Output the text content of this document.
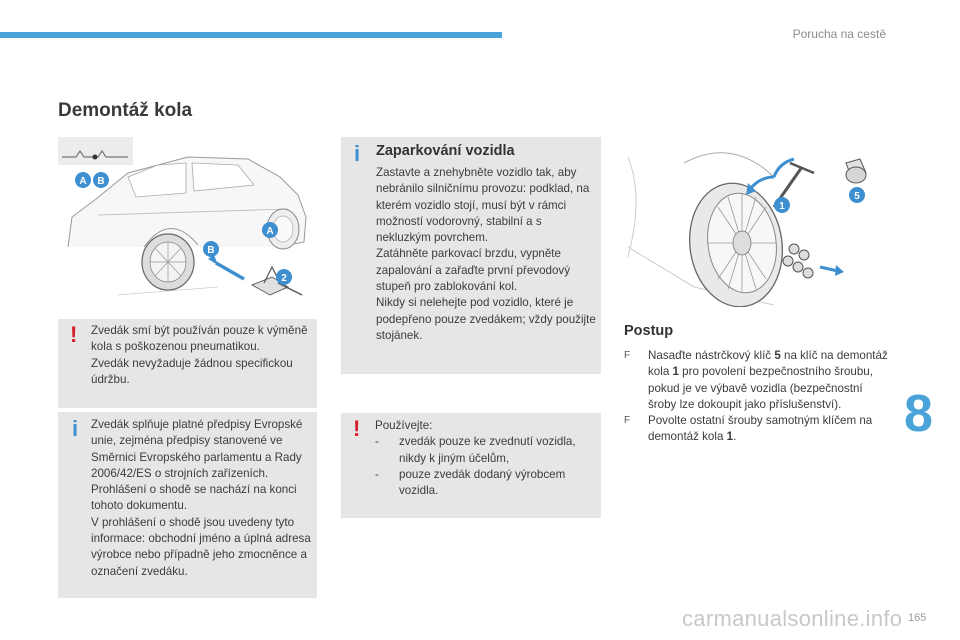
Porucha na cestě
Demontáž kola
A B
B
A
2
! Zvedák smí být používán pouze k výměně kola s poškozenou pneumatikou.

Zvedák nevyžaduje žádnou specifickou údržbu.

i Zvedák splňuje platné předpisy Evropské unie, zejména předpisy stanovené ve Směrnici Evropského parlamentu a Rady 2006/42/ES o strojních zařízeních.

Prohlášení o shodě se nachází na konci tohoto dokumentu.

V prohlášení o shodě jsou uvedeny tyto informace: obchodní jméno a úplná adresa výrobce nebo případně jeho zmocněnce a označení zvedáku.

i Zaparkování vozidla

Zastavte a znehybněte vozidlo tak, aby nebránilo silničnímu provozu: podklad, na kterém vozidlo stojí, musí být v rámci možností vodorovný, stabilní a s nekluzkým povrchem.

Zatáhněte parkovací brzdu, vypněte zapalování a zařaďte první převodový stupeň pro zablokování kol.

Nikdy si nelehejte pod vozidlo, které je podepřeno pouze zvedákem; vždy použijte stojánek.

! Používejte:

-	zvedák pouze ke zvednutí vozidla, nikdy k jiným účelům,
-	pouze zvedák dodaný výrobcem vozidla.
1
5
Postup
F	Nasaďte nástrčkový klíč 5 na klíč na demontáž kola 1 pro povolení bezpečnostního šroubu, pokud je ve výbavě vozidla (bezpečnostní šroby lze dokoupit jako příslušenství).
F	Povolte ostatní šrouby samotným klíčem na demontáž kola 1.	8
carmanualsonline.info 165
